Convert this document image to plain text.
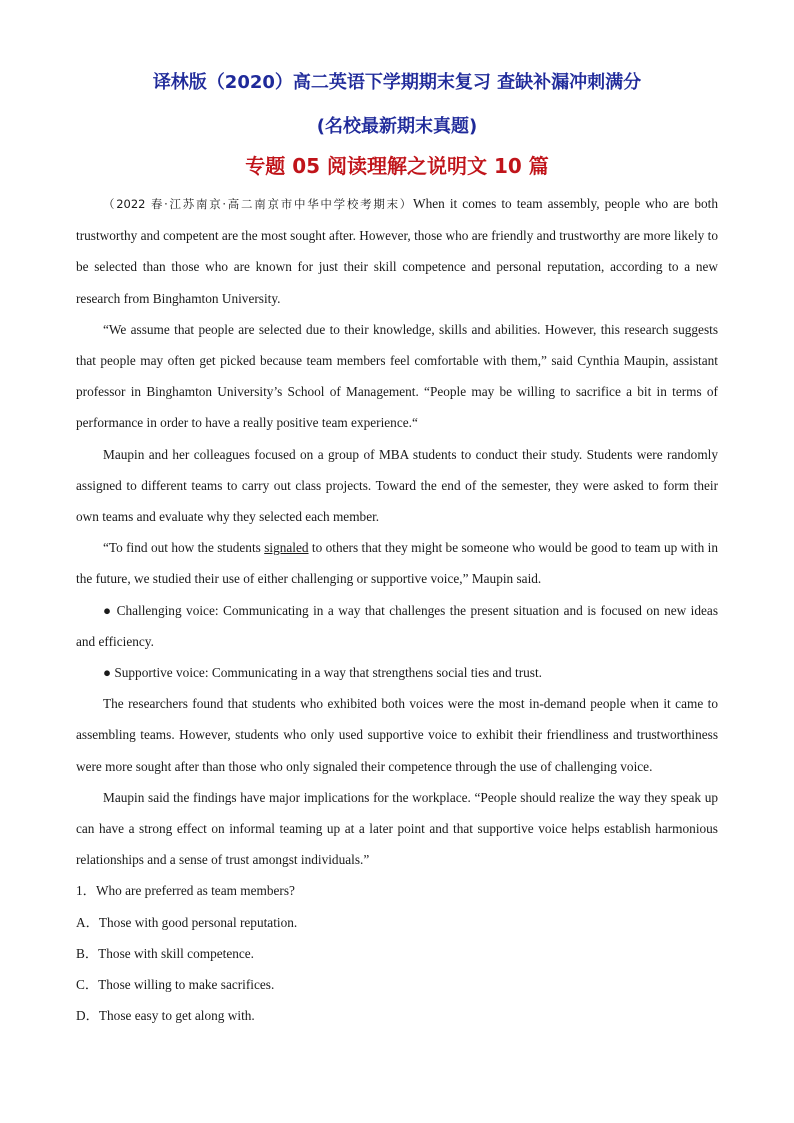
译林版（2020）高二英语下学期期末复习 查缺补漏冲刺满分
(名校最新期末真题)
专题 05 阅读理解之说明文 10 篇

（2022 春·江苏南京·高二南京市中华中学校考期末）When it comes to team assembly, people who are both trustworthy and competent are the most sought after. However, those who are friendly and trustworthy are more likely to be selected than those who are known for just their skill competence and personal reputation, according to a new research from Binghamton University.

“We assume that people are selected due to their knowledge, skills and abilities. However, this research suggests that people may often get picked because team members feel comfortable with them,” said Cynthia Maupin, assistant professor in Binghamton University’s School of Management. “People may be willing to sacrifice a bit in terms of performance in order to have a really positive team experience.“

Maupin and her colleagues focused on a group of MBA students to conduct their study. Students were randomly assigned to different teams to carry out class projects. Toward the end of the semester, they were asked to form their own teams and evaluate why they selected each member.

“To find out how the students signaled to others that they might be someone who would be good to team up with in the future, we studied their use of either challenging or supportive voice,” Maupin said.

● Challenging voice: Communicating in a way that challenges the present situation and is focused on new ideas and efficiency.

● Supportive voice: Communicating in a way that strengthens social ties and trust.

The researchers found that students who exhibited both voices were the most in-demand people when it came to assembling teams. However, students who only used supportive voice to exhibit their friendliness and trustworthiness were more sought after than those who only signaled their competence through the use of challenging voice.

Maupin said the findings have major implications for the workplace. “People should realize the way they speak up can have a strong effect on informal teaming up at a later point and that supportive voice helps establish harmonious relationships and a sense of trust amongst individuals.”

1．Who are preferred as team members?

A．Those with good personal reputation.

B．Those with skill competence.

C．Those willing to make sacrifices.

D．Those easy to get along with.
